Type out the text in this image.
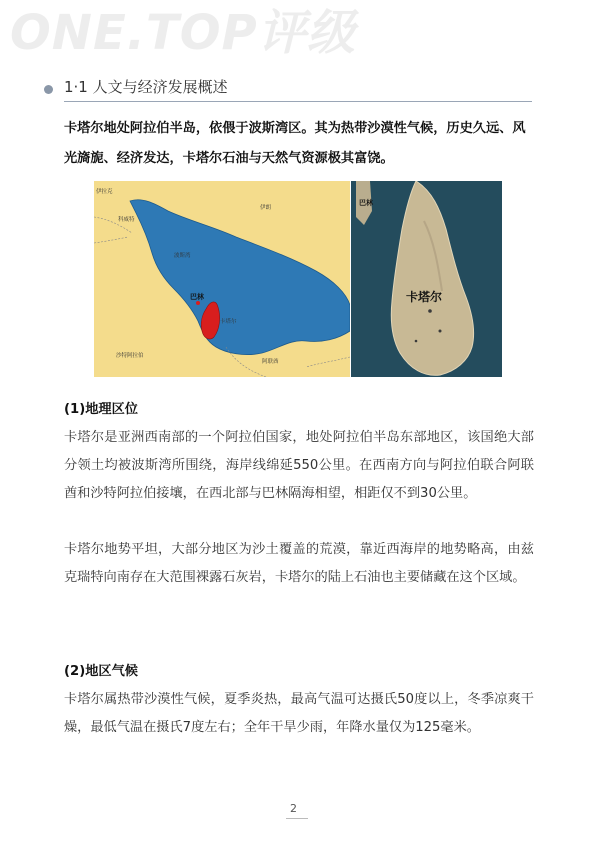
ONE.TOP评级
1·1 人文与经济发展概述
卡塔尔地处阿拉伯半岛，依偎于波斯湾区。其为热带沙漠性气候，历史久远、风光旖旎、经济发达，卡塔尔石油与天然气资源极其富饶。
伊拉克
伊朗
科威特
波斯湾
巴林
卡塔尔
沙特阿拉伯
阿联酋
巴林
卡塔尔
(1)地理区位
卡塔尔是亚洲西南部的一个阿拉伯国家，地处阿拉伯半岛东部地区，该国绝大部分领土均被波斯湾所围绕，海岸线绵延550公里。在西南方向与阿拉伯联合阿联酋和沙特阿拉伯接壤，在西北部与巴林隔海相望，相距仅不到30公里。
卡塔尔地势平坦，大部分地区为沙土覆盖的荒漠，靠近西海岸的地势略高，由兹克瑞特向南存在大范围裸露石灰岩，卡塔尔的陆上石油也主要储藏在这个区域。
(2)地区气候
卡塔尔属热带沙漠性气候，夏季炎热，最高气温可达摄氏50度以上，冬季凉爽干燥，最低气温在摄氏7度左右；全年干旱少雨，年降水量仅为125毫米。
2
